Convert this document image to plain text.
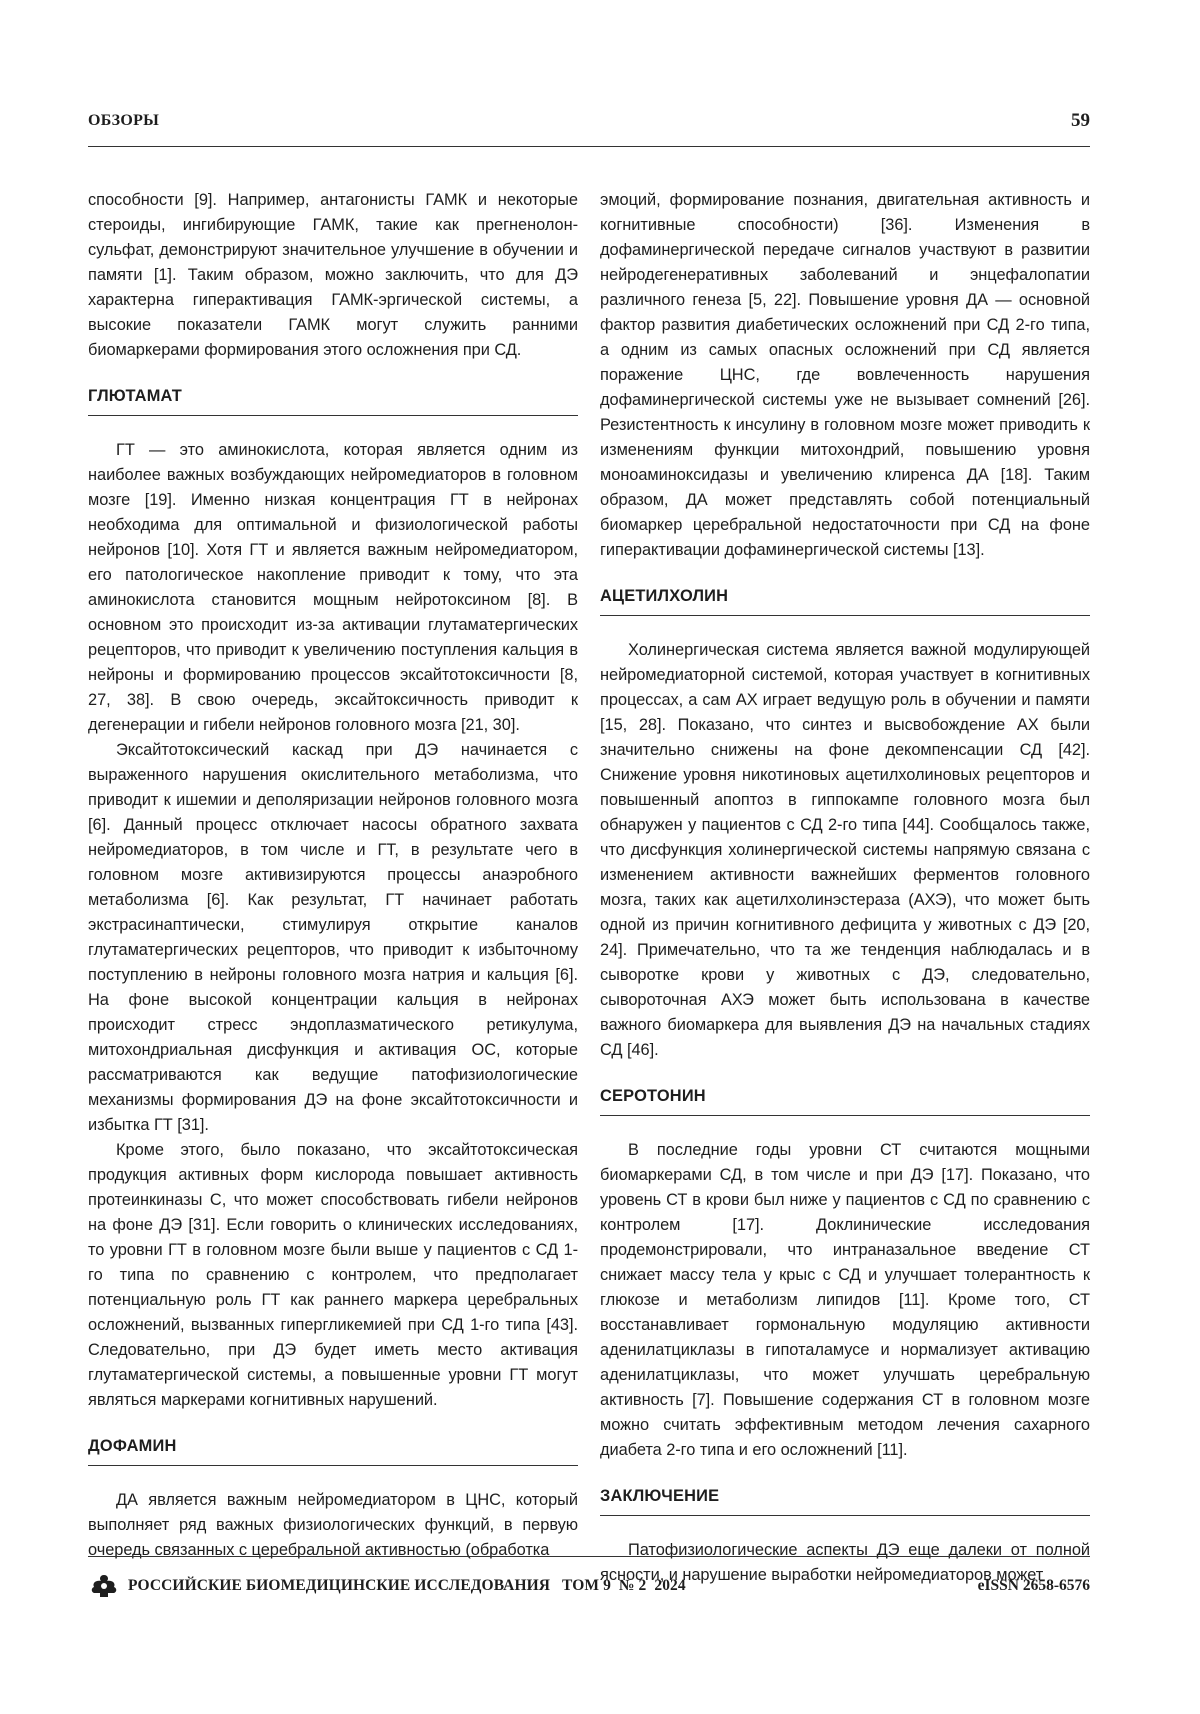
ОБЗОРЫ	59

способности [9]. Например, антагонисты ГАМК и некоторые стероиды, ингибирующие ГАМК, такие как прегненолон-сульфат, демонстрируют значительное улучшение в обучении и памяти [1]. Таким образом, можно заключить, что для ДЭ характерна гиперактивация ГАМК-эргической системы, а высокие показатели ГАМК могут служить ранними биомаркерами формирования этого осложнения при СД.

ГЛЮТАМАТ

ГТ — это аминокислота, которая является одним из наиболее важных возбуждающих нейромедиаторов в головном мозге [19]. Именно низкая концентрация ГТ в нейронах необходима для оптимальной и физиологической работы нейронов [10]. Хотя ГТ и является важным нейромедиатором, его патологическое накопление приводит к тому, что эта аминокислота становится мощным нейротоксином [8]. В основном это происходит из-за активации глутаматергических рецепторов, что приводит к увеличению поступления кальция в нейроны и формированию процессов эксайтотоксичности [8, 27, 38]. В свою очередь, эксайтоксичность приводит к дегенерации и гибели нейронов головного мозга [21, 30].

Эксайтотоксический каскад при ДЭ начинается с выраженного нарушения окислительного метаболизма, что приводит к ишемии и деполяризации нейронов головного мозга [6]. Данный процесс отключает насосы обратного захвата нейромедиаторов, в том числе и ГТ, в результате чего в головном мозге активизируются процессы анаэробного метаболизма [6]. Как результат, ГТ начинает работать экстрасинаптически, стимулируя открытие каналов глутаматергических рецепторов, что приводит к избыточному поступлению в нейроны головного мозга натрия и кальция [6]. На фоне высокой концентрации кальция в нейронах происходит стресс эндоплазматического ретикулума, митохондриальная дисфункция и активация ОС, которые рассматриваются как ведущие патофизиологические механизмы формирования ДЭ на фоне эксайтотоксичности и избытка ГТ [31].

Кроме этого, было показано, что эксайтотоксическая продукция активных форм кислорода повышает активность протеинкиназы С, что может способствовать гибели нейронов на фоне ДЭ [31]. Если говорить о клинических исследованиях, то уровни ГТ в головном мозге были выше у пациентов с СД 1-го типа по сравнению с контролем, что предполагает потенциальную роль ГТ как раннего маркера церебральных осложнений, вызванных гипергликемией при СД 1-го типа [43]. Следовательно, при ДЭ будет иметь место активация глутаматергической системы, а повышенные уровни ГТ могут являться маркерами когнитивных нарушений.

ДОФАМИН

ДА является важным нейромедиатором в ЦНС, который выполняет ряд важных физиологических функций, в первую очередь связанных с церебральной активностью (обработка

эмоций, формирование познания, двигательная активность и когнитивные способности) [36]. Изменения в дофаминергической передаче сигналов участвуют в развитии нейродегенеративных заболеваний и энцефалопатии различного генеза [5, 22]. Повышение уровня ДА — основной фактор развития диабетических осложнений при СД 2-го типа, а одним из самых опасных осложнений при СД является поражение ЦНС, где вовлеченность нарушения дофаминергической системы уже не вызывает сомнений [26]. Резистентность к инсулину в головном мозге может приводить к изменениям функции митохондрий, повышению уровня моноаминоксидазы и увеличению клиренса ДА [18]. Таким образом, ДА может представлять собой потенциальный биомаркер церебральной недостаточности при СД на фоне гиперактивации дофаминергической системы [13].

АЦЕТИЛХОЛИН

Холинергическая система является важной модулирующей нейромедиаторной системой, которая участвует в когнитивных процессах, а сам АХ играет ведущую роль в обучении и памяти [15, 28]. Показано, что синтез и высвобождение АХ были значительно снижены на фоне декомпенсации СД [42]. Снижение уровня никотиновых ацетилхолиновых рецепторов и повышенный апоптоз в гиппокампе головного мозга был обнаружен у пациентов с СД 2-го типа [44]. Сообщалось также, что дисфункция холинергической системы напрямую связана с изменением активности важнейших ферментов головного мозга, таких как ацетилхолинэстераза (АХЭ), что может быть одной из причин когнитивного дефицита у животных с ДЭ [20, 24]. Примечательно, что та же тенденция наблюдалась и в сыворотке крови у животных с ДЭ, следовательно, сывороточная АХЭ может быть использована в качестве важного биомаркера для выявления ДЭ на начальных стадиях СД [46].

СЕРОТОНИН

В последние годы уровни СТ считаются мощными биомаркерами СД, в том числе и при ДЭ [17]. Показано, что уровень СТ в крови был ниже у пациентов с СД по сравнению с контролем [17]. Доклинические исследования продемонстрировали, что интраназальное введение СТ снижает массу тела у крыс с СД и улучшает толерантность к глюкозе и метаболизм липидов [11]. Кроме того, СТ восстанавливает гормональную модуляцию активности аденилатциклазы в гипоталамусе и нормализует активацию аденилатциклазы, что может улучшать церебральную активность [7]. Повышение содержания СТ в головном мозге можно считать эффективным методом лечения сахарного диабета 2-го типа и его осложнений [11].

ЗАКЛЮЧЕНИЕ

Патофизиологические аспекты ДЭ еще далеки от полной ясности, и нарушение выработки нейромедиаторов может

РОССИЙСКИЕ БИОМЕДИЦИНСКИЕ ИССЛЕДОВАНИЯ   ТОМ 9  № 2  2024	eISSN 2658-6576
